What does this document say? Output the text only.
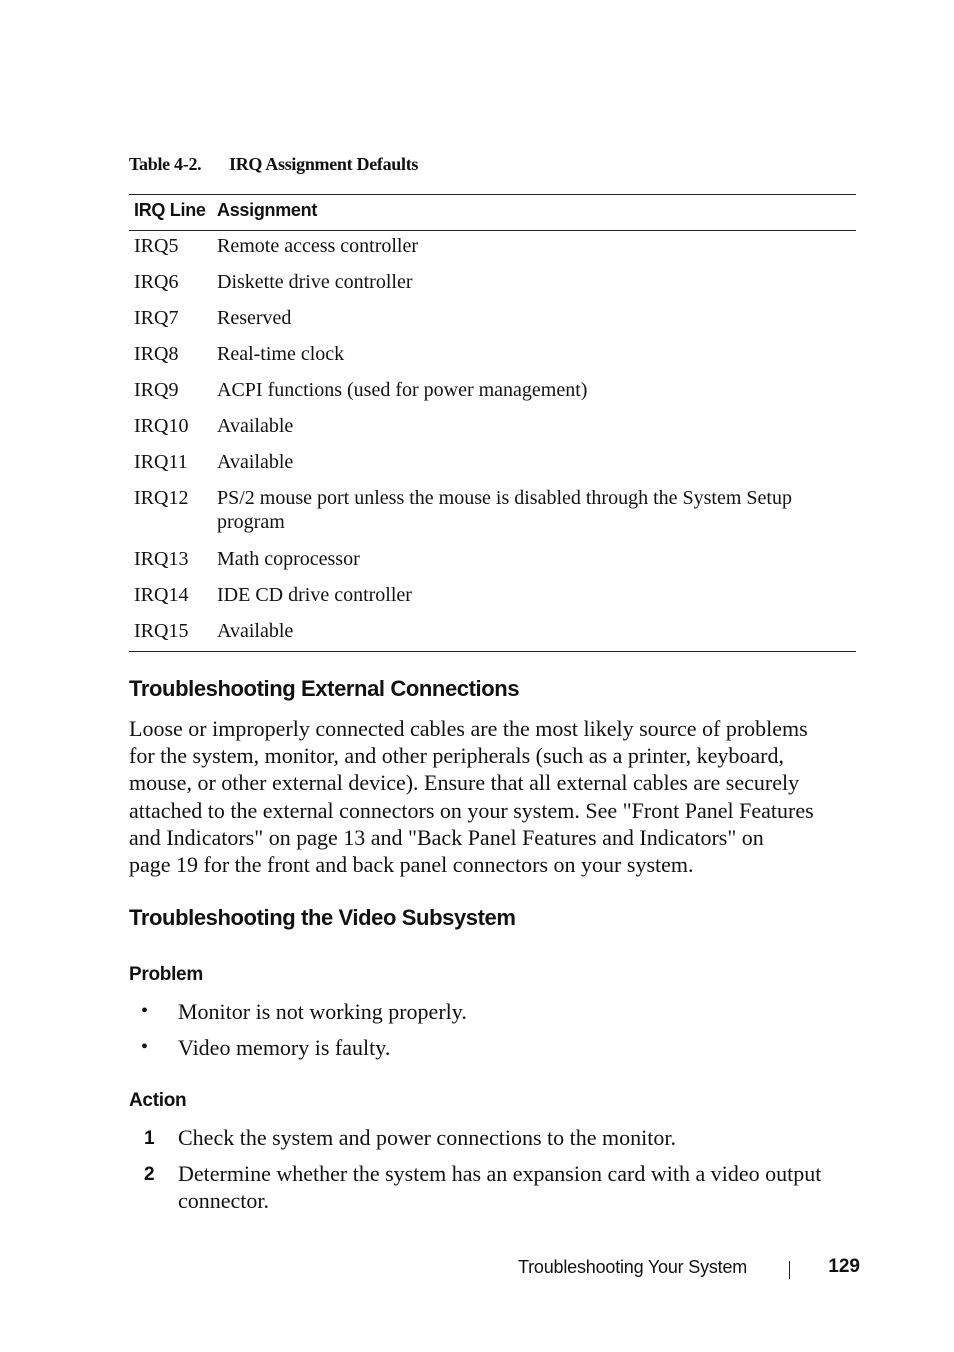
Table 4-2. IRQ Assignment Defaults
IRQ Line	Assignment
IRQ5	Remote access controller
IRQ6	Diskette drive controller
IRQ7	Reserved
IRQ8	Real-time clock
IRQ9	ACPI functions (used for power management)
IRQ10	Available
IRQ11	Available
IRQ12	PS/2 mouse port unless the mouse is disabled through the System Setup program
IRQ13	Math coprocessor
IRQ14	IDE CD drive controller
IRQ15	Available
Troubleshooting External Connections
Loose or improperly connected cables are the most likely source of problems
for the system, monitor, and other peripherals (such as a printer, keyboard,
mouse, or other external device). Ensure that all external cables are securely
attached to the external connectors on your system. See "Front Panel Features
and Indicators" on page 13 and "Back Panel Features and Indicators" on
page 19 for the front and back panel connectors on your system.
Troubleshooting the Video Subsystem
Problem
• Monitor is not working properly.
• Video memory is faulty.
Action
1 Check the system and power connections to the monitor.
2 Determine whether the system has an expansion card with a video output
connector.
Troubleshooting Your System	129
